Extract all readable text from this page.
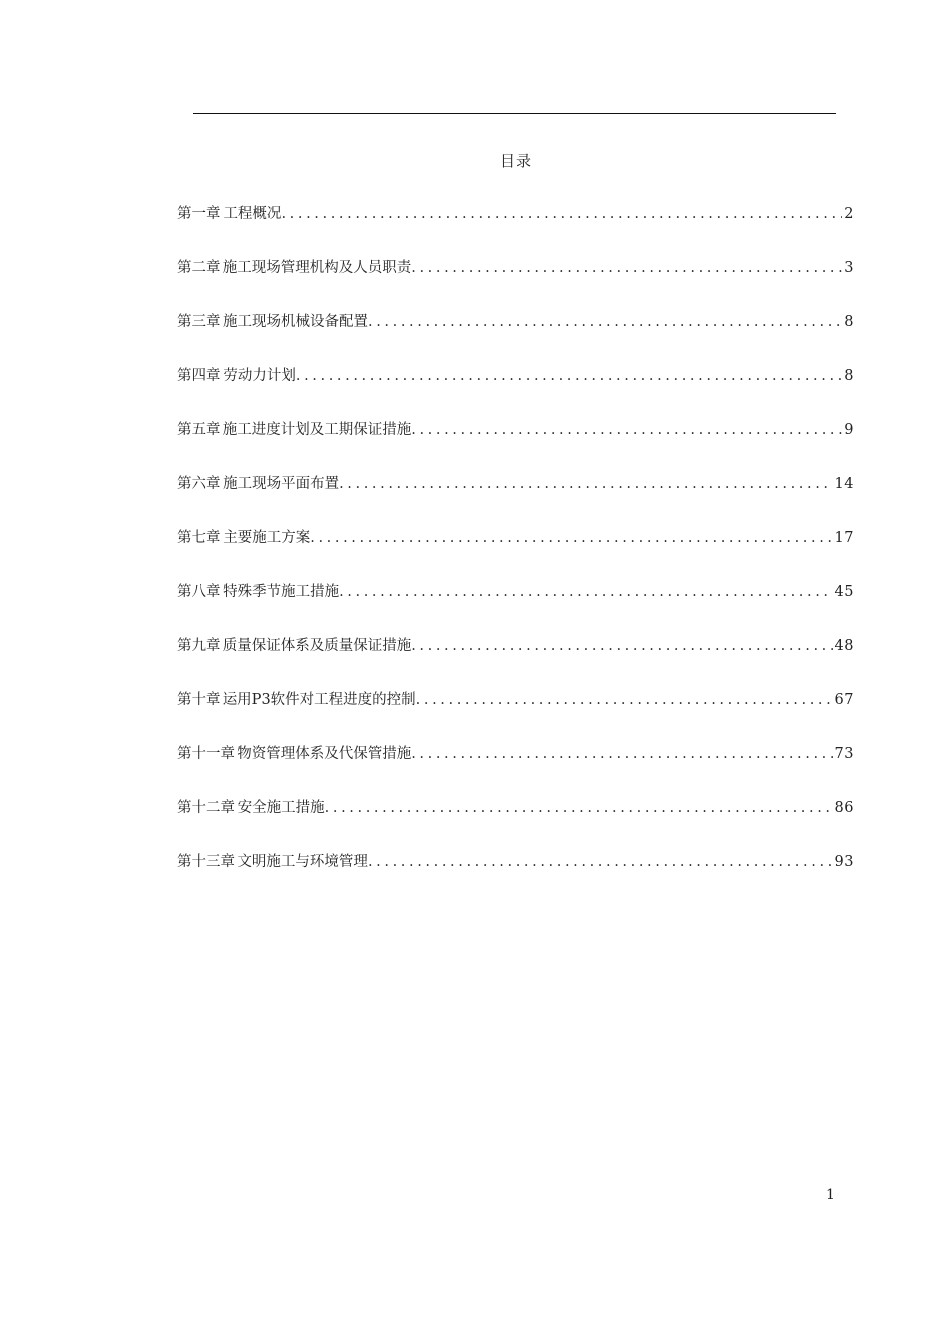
目录
第一章 工程概况 .....	2
第二章 施工现场管理机构及人员职责 .....	3
第三章 施工现场机械设备配置 .....	8
第四章 劳动力计划 .....	8
第五章 施工进度计划及工期保证措施 .....	9
第六章 施工现场平面布置 .....	14
第七章 主要施工方案 .....	17
第八章 特殊季节施工措施 .....	45
第九章 质量保证体系及质量保证措施 .....	48
第十章 运用P3软件对工程进度的控制 .....	67
第十一章 物资管理体系及代保管措施 .....	73
第十二章 安全施工措施 .....	86
第十三章 文明施工与环境管理 .....	93
1
